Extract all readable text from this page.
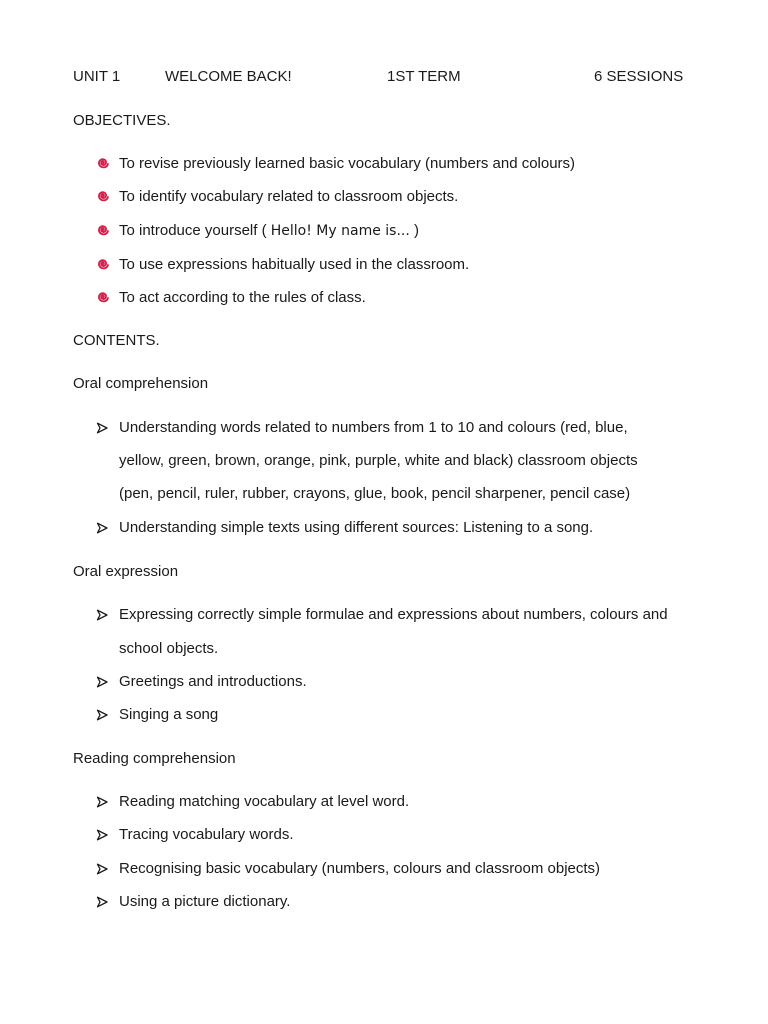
UNIT 1	WELCOME BACK!	1ST TERM	6 SESSIONS
OBJECTIVES.
To revise previously learned basic vocabulary (numbers and colours)
To identify vocabulary related to classroom objects.
To introduce yourself ( Hello! My name is... )
To use expressions habitually used in the classroom.
To act according to the rules of class.
CONTENTS.
Oral comprehension
Understanding words related to numbers from 1 to 10 and colours (red, blue,
yellow, green, brown, orange, pink, purple, white and black) classroom objects
(pen, pencil, ruler, rubber, crayons, glue, book, pencil sharpener, pencil case)
Understanding simple texts using different sources: Listening to a song.
Oral expression
Expressing correctly simple formulae and expressions about numbers, colours and
school objects.
Greetings and introductions.
Singing a song
Reading comprehension
Reading matching vocabulary at level word.
Tracing vocabulary words.
Recognising basic vocabulary (numbers, colours and classroom objects)
Using a picture dictionary.
